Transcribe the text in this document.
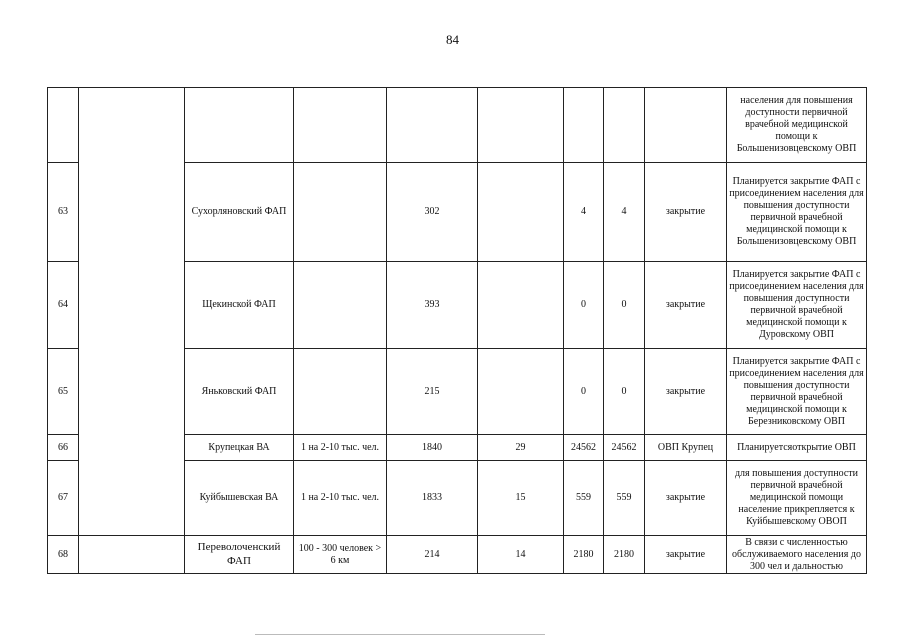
84
									населения для повышения доступности первичной врачебной медицинской помощи к Большенизовцевскому ОВП
63		Сухорляновский ФАП		302		4	4	закрытие	Планируется закрытие ФАП с присоединением населения для повышения доступности первичной врачебной медицинской помощи к Большенизовцевскому ОВП
64		Щекинской ФАП		393		0	0	закрытие	Планируется закрытие ФАП с присоединением населения для повышения доступности первичной врачебной медицинской помощи к Дуровскому ОВП
65		Яньковский ФАП		215		0	0	закрытие	Планируется закрытие ФАП с присоединением населения для повышения доступности первичной врачебной медицинской помощи к Березниковскому ОВП
66		Крупецкая ВА	1 на 2-10 тыс. чел.	1840	29	24562	24562	ОВП Крупец	Планируетсяоткрытие ОВП
67		Куйбышевская ВА	1 на 2-10 тыс. чел.	1833	15	559	559	закрытие	для повышения доступности первичной врачебной медицинской помощи население прикрепляется к Куйбышевскому ОВОП
68		Переволоченский ФАП	100 - 300 человек > 6 км	214	14	2180	2180	закрытие	В связи с численностью обслуживаемого населения до 300 чел и дальностью
